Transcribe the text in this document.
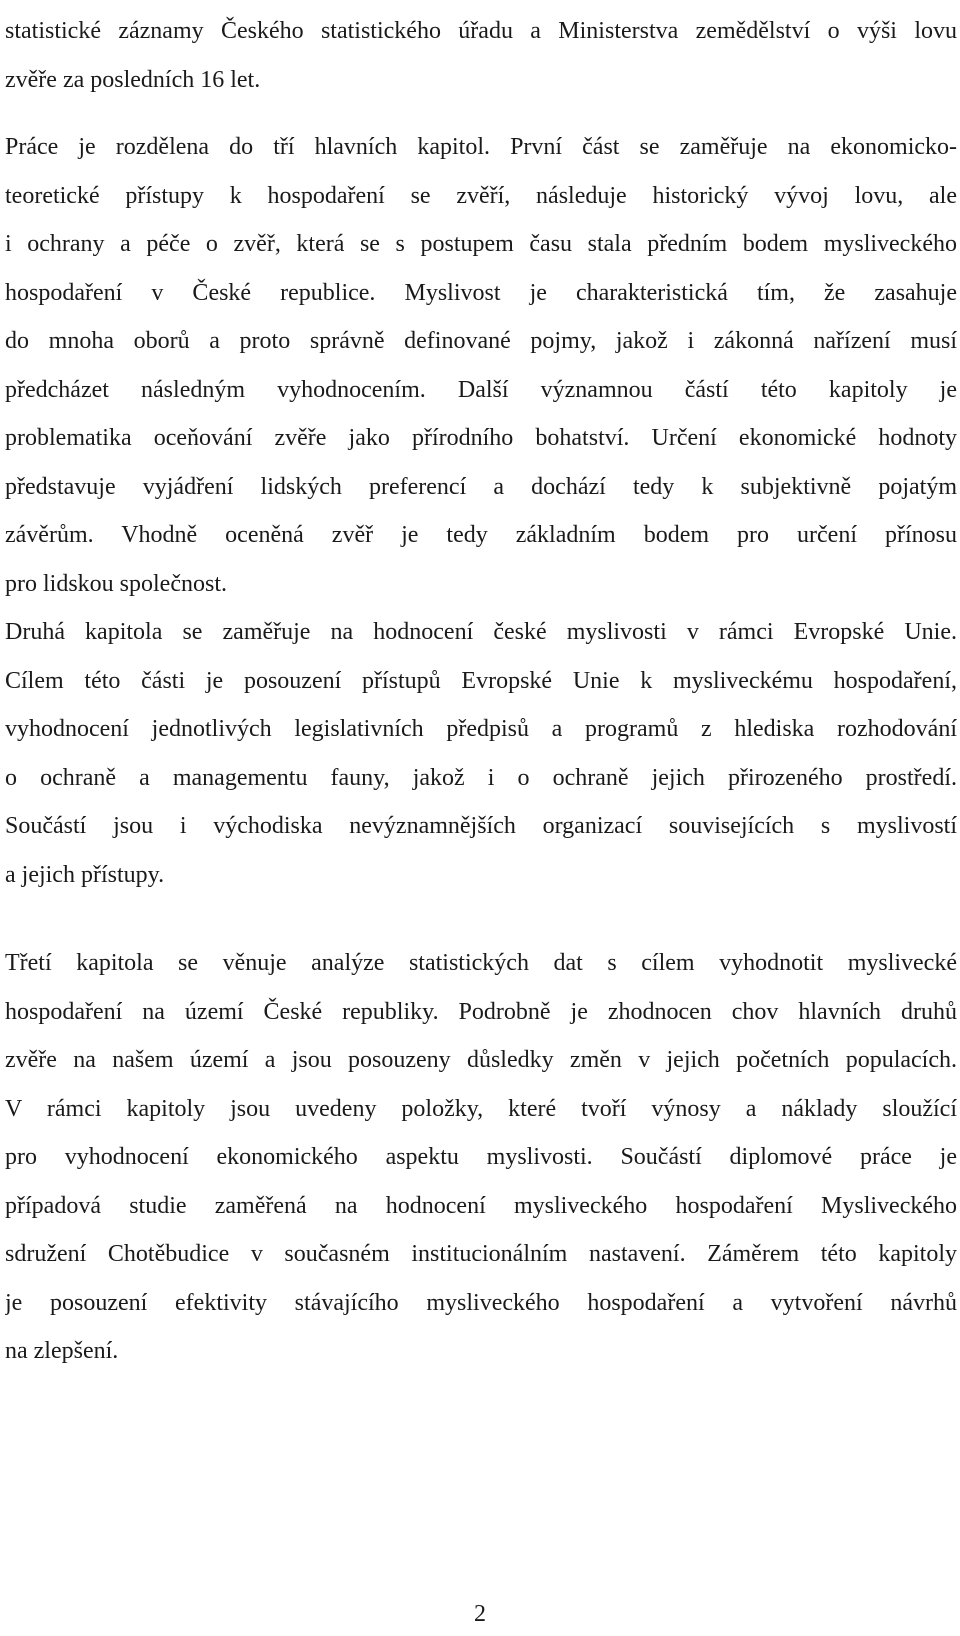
statistické záznamy Českého statistického úřadu a Ministerstva zemědělství o výši lovu
zvěře za posledních 16 let.
Práce je rozdělena do tří hlavních kapitol. První část se zaměřuje na ekonomicko-
teoretické přístupy k hospodaření se zvěří, následuje historický vývoj lovu, ale
i ochrany a péče o zvěř, která se s postupem času stala předním bodem mysliveckého
hospodaření v České republice. Myslivost je charakteristická tím, že zasahuje
do mnoha oborů a proto správně definované pojmy, jakož i zákonná nařízení musí
předcházet následným vyhodnocením. Další významnou částí této kapitoly je
problematika oceňování zvěře jako přírodního bohatství. Určení ekonomické hodnoty
představuje vyjádření lidských preferencí a dochází tedy k subjektivně pojatým
závěrům. Vhodně oceněná zvěř je tedy základním bodem pro určení přínosu
pro lidskou společnost.
Druhá kapitola se zaměřuje na hodnocení české myslivosti v rámci Evropské Unie.
Cílem této části je posouzení přístupů Evropské Unie k mysliveckému hospodaření,
vyhodnocení jednotlivých legislativních předpisů a programů z hlediska rozhodování
o ochraně a managementu fauny, jakož i o ochraně jejich přirozeného prostředí.
Součástí jsou i východiska nevýznamnějších organizací souvisejících s myslivostí
a jejich přístupy.
Třetí kapitola se věnuje analýze statistických dat s cílem vyhodnotit myslivecké
hospodaření na území České republiky. Podrobně je zhodnocen chov hlavních druhů
zvěře na našem území a jsou posouzeny důsledky změn v jejich početních populacích.
V rámci kapitoly jsou uvedeny položky, které tvoří výnosy a náklady sloužící
pro vyhodnocení ekonomického aspektu myslivosti. Součástí diplomové práce je
případová studie zaměřená na hodnocení mysliveckého hospodaření Mysliveckého
sdružení Chotěbudice v současném institucionálním nastavení. Záměrem této kapitoly
je posouzení efektivity stávajícího mysliveckého hospodaření a vytvoření návrhů
na zlepšení.

2
